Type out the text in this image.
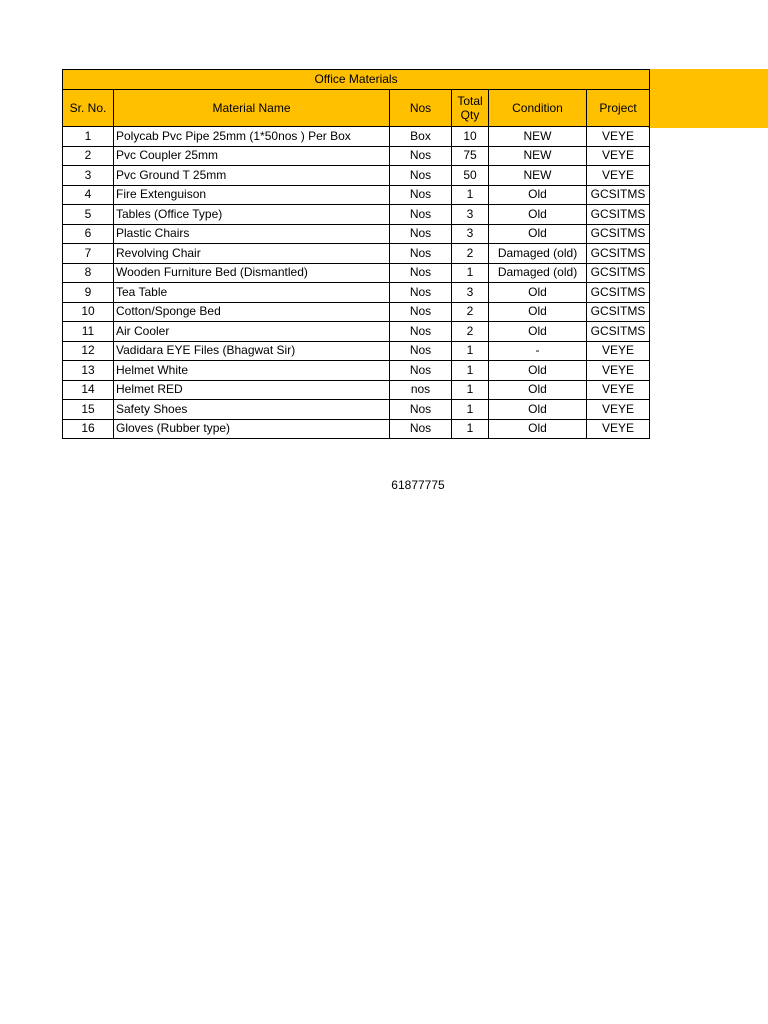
Office Materials					
Sr. No.	Material Name	Nos	Total Qty	Condition	Project
1	Polycab Pvc Pipe 25mm (1*50nos ) Per Box	Box	10	NEW	VEYE
2	Pvc Coupler 25mm	Nos	75	NEW	VEYE
3	Pvc Ground T 25mm	Nos	50	NEW	VEYE
4	Fire Extenguison	Nos	1	Old	GCSITMS
5	Tables (Office Type)	Nos	3	Old	GCSITMS
6	Plastic Chairs	Nos	3	Old	GCSITMS
7	Revolving Chair	Nos	2	Damaged (old)	GCSITMS
8	Wooden Furniture Bed (Dismantled)	Nos	1	Damaged (old)	GCSITMS
9	Tea Table	Nos	3	Old	GCSITMS
10	Cotton/Sponge Bed	Nos	2	Old	GCSITMS
11	Air Cooler	Nos	2	Old	GCSITMS
12	Vadidara EYE Files (Bhagwat Sir)	Nos	1	-	VEYE
13	Helmet White	Nos	1	Old	VEYE
14	Helmet RED	nos	1	Old	VEYE
15	Safety Shoes	Nos	1	Old	VEYE
16	Gloves (Rubber type)	Nos	1	Old	VEYE
61877775
